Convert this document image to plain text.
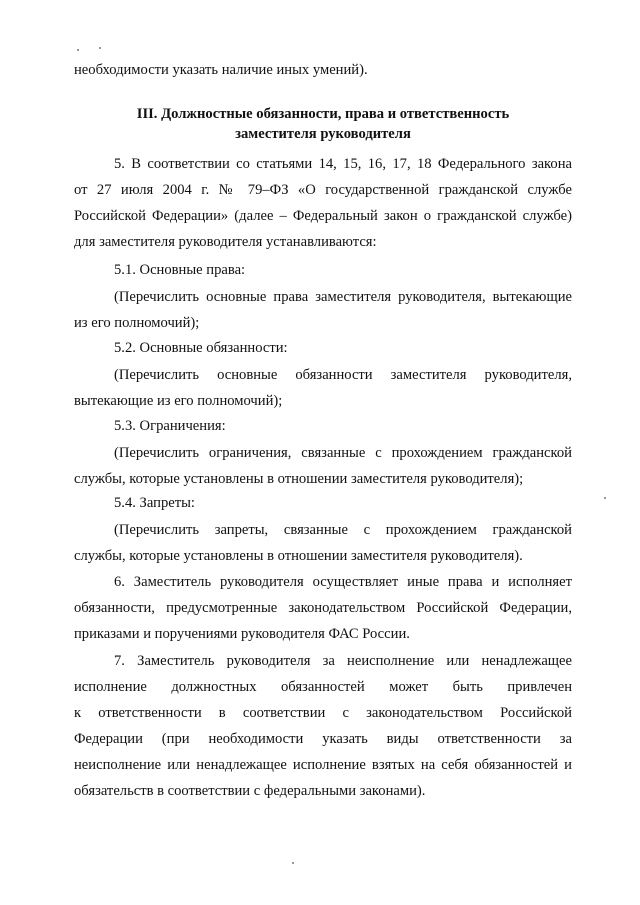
необходимости указать наличие иных умений).
III. Должностные обязанности, права и ответственность
заместителя руководителя
5. В соответствии со статьями 14, 15, 16, 17, 18 Федерального закона
от 27 июля 2004 г. № 79–ФЗ «О государственной гражданской службе
Российской Федерации» (далее – Федеральный закон о гражданской службе)
для заместителя руководителя устанавливаются:
5.1. Основные права:
(Перечислить основные права заместителя руководителя, вытекающие
из его полномочий);
5.2. Основные обязанности:
(Перечислить основные обязанности заместителя руководителя,
вытекающие из его полномочий);
5.3. Ограничения:
(Перечислить ограничения, связанные с прохождением гражданской
службы, которые установлены в отношении заместителя руководителя);
5.4. Запреты:
(Перечислить запреты, связанные с прохождением гражданской
службы, которые установлены в отношении заместителя руководителя).
6. Заместитель руководителя осуществляет иные права и исполняет
обязанности, предусмотренные законодательством Российской Федерации,
приказами и поручениями руководителя ФАС России.
7. Заместитель руководителя за неисполнение или ненадлежащее
исполнение должностных обязанностей может быть привлечен
к ответственности в соответствии с законодательством Российской
Федерации (при необходимости указать виды ответственности за
неисполнение или ненадлежащее исполнение взятых на себя обязанностей и
обязательств в соответствии с федеральными законами).
